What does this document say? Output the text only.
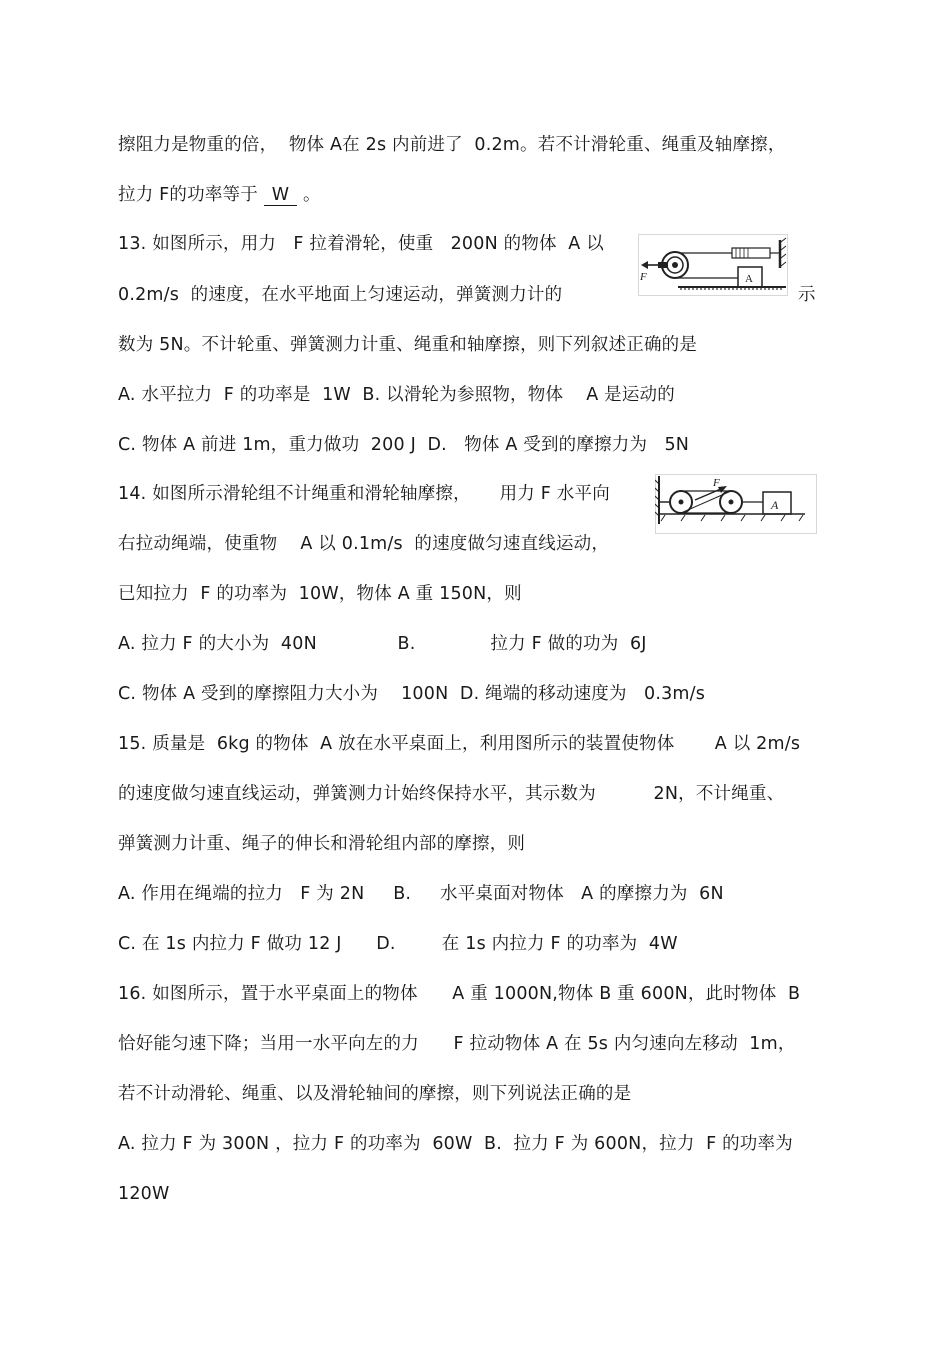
擦阻力是物重的倍，  物体 A在 2s 内前进了  0.2m。若不计滑轮重、绳重及轴摩擦，
拉力 F的功率等于 W 。
13. 如图所示，用力   F 拉着滑轮，使重   200N 的物体  A 以
0.2m/s  的速度，在水平地面上匀速运动，弹簧测力计的	示
数为 5N。不计轮重、弹簧测力计重、绳重和轴摩擦，则下列叙述正确的是
A. 水平拉力  F 的功率是  1W  B. 以滑轮为参照物，物体    A 是运动的
C. 物体 A 前进 1m，重力做功  200 J  D.   物体 A 受到的摩擦力为   5N
14. 如图所示滑轮组不计绳重和滑轮轴摩擦，     用力 F 水平向
右拉动绳端，使重物    A 以 0.1m/s  的速度做匀速直线运动，
已知拉力  F 的功率为  10W，物体 A 重 150N，则
A. 拉力 F 的大小为  40N              B.             拉力 F 做的功为  6J
C. 物体 A 受到的摩擦阻力大小为    100N  D. 绳端的移动速度为   0.3m/s
15. 质量是  6kg 的物体  A 放在水平桌面上，利用图所示的装置使物体       A 以 2m/s
的速度做匀速直线运动，弹簧测力计始终保持水平，其示数为          2N，不计绳重、
弹簧测力计重、绳子的伸长和滑轮组内部的摩擦，则
A. 作用在绳端的拉力   F 为 2N     B.     水平桌面对物体   A 的摩擦力为  6N
C. 在 1s 内拉力 F 做功 12 J      D.        在 1s 内拉力 F 的功率为  4W
16. 如图所示，置于水平桌面上的物体      A 重 1000N,物体 B 重 600N，此时物体  B
恰好能匀速下降；当用一水平向左的力      F 拉动物体 A 在 5s 内匀速向左移动  1m，
若不计动滑轮、绳重、以及滑轮轴间的摩擦，则下列说法正确的是
A. 拉力 F 为 300N ，拉力 F 的功率为  60W  B.  拉力 F 为 600N，拉力  F 的功率为
120W
F	A
F
A
